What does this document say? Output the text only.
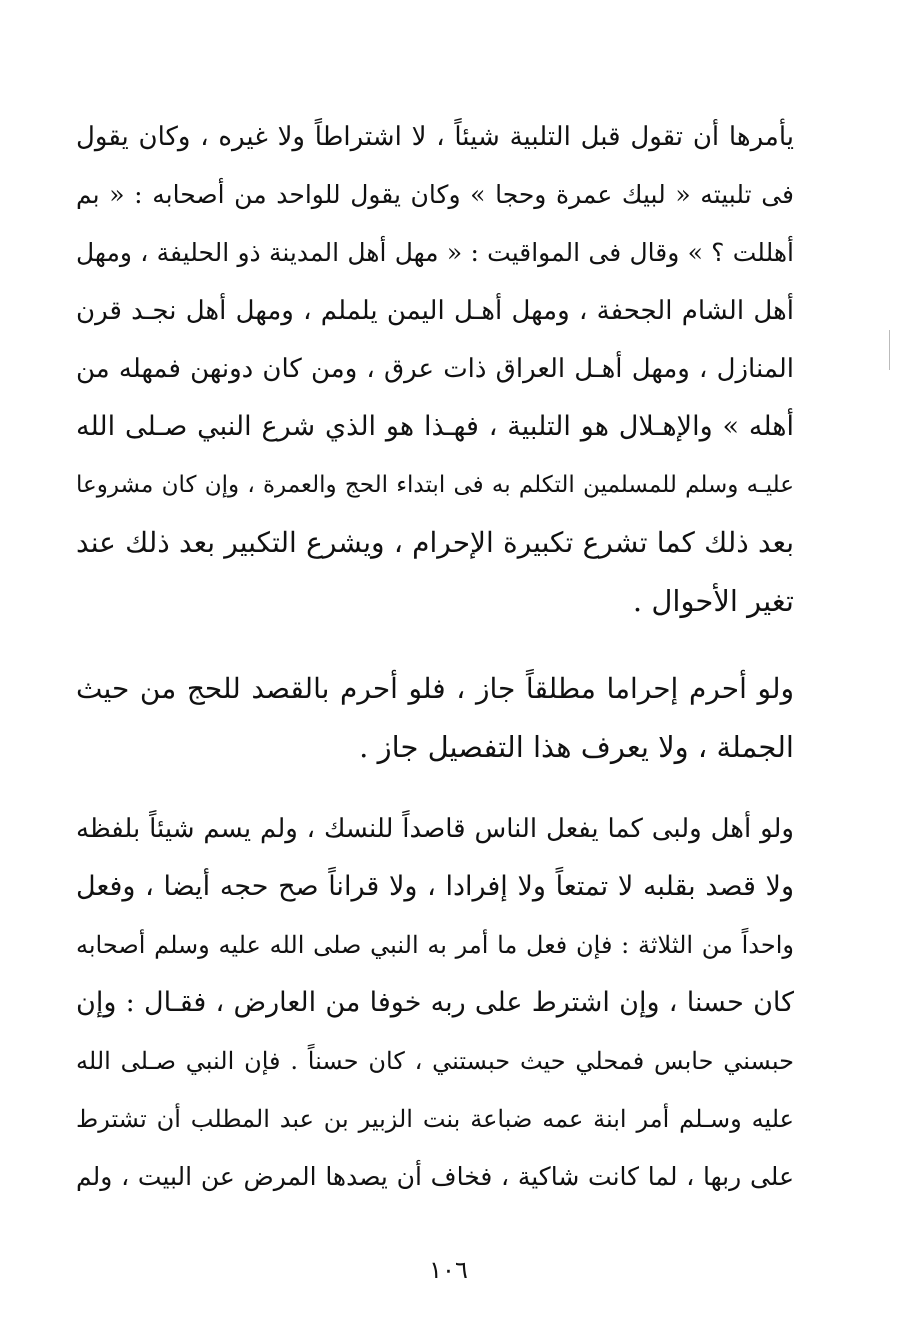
يأمرها أن تقول قبل التلبية شيئاً ، لا اشتراطاً ولا غيره ، وكان يقول
فى تلبيته « لبيك عمرة وحجا » وكان يقول للواحد من أصحابه : « بم
أهللت ؟ » وقال فى المواقيت : « مهل أهل المدينة ذو الحليفة ، ومهل
أهل الشام الجحفة ، ومهل أهـل اليمن يلملم ، ومهل أهل نجـد قرن
المنازل ، ومهل أهـل العراق ذات عرق ، ومن كان دونهن فمهله من
أهله » والإهـلال هو التلبية ، فهـذا هو الذي شرع النبي صـلى الله
عليـه وسلم للمسلمين التكلم به فى ابتداء الحج والعمرة ، وإن كان مشروعا
بعد ذلك كما تشرع تكبيرة الإحرام ، ويشرع التكبير بعد ذلك عند
تغير الأحوال .
ولو أحرم إحراما مطلقاً جاز ، فلو أحرم بالقصد للحج من حيث
الجملة ، ولا يعرف هذا التفصيل جاز .
ولو أهل ولبى كما يفعل الناس قاصداً للنسك ، ولم يسم شيئاً بلفظه
ولا قصد بقلبه لا تمتعاً ولا إفرادا ، ولا قراناً صح حجه أيضا ، وفعل
واحداً من الثلاثة : فإن فعل ما أمر به النبي صلى الله عليه وسلم أصحابه
كان حسنا ، وإن اشترط على ربه خوفا من العارض ، فقـال : وإن
حبسني حابس فمحلي حيث حبستني ، كان حسناً . فإن النبي صـلى الله
عليه وسـلم أمر ابنة عمه ضباعة بنت الزبير بن عبد المطلب أن تشترط
على ربها ، لما كانت شاكية ، فخاف أن يصدها المرض عن البيت ، ولم
١٠٦
